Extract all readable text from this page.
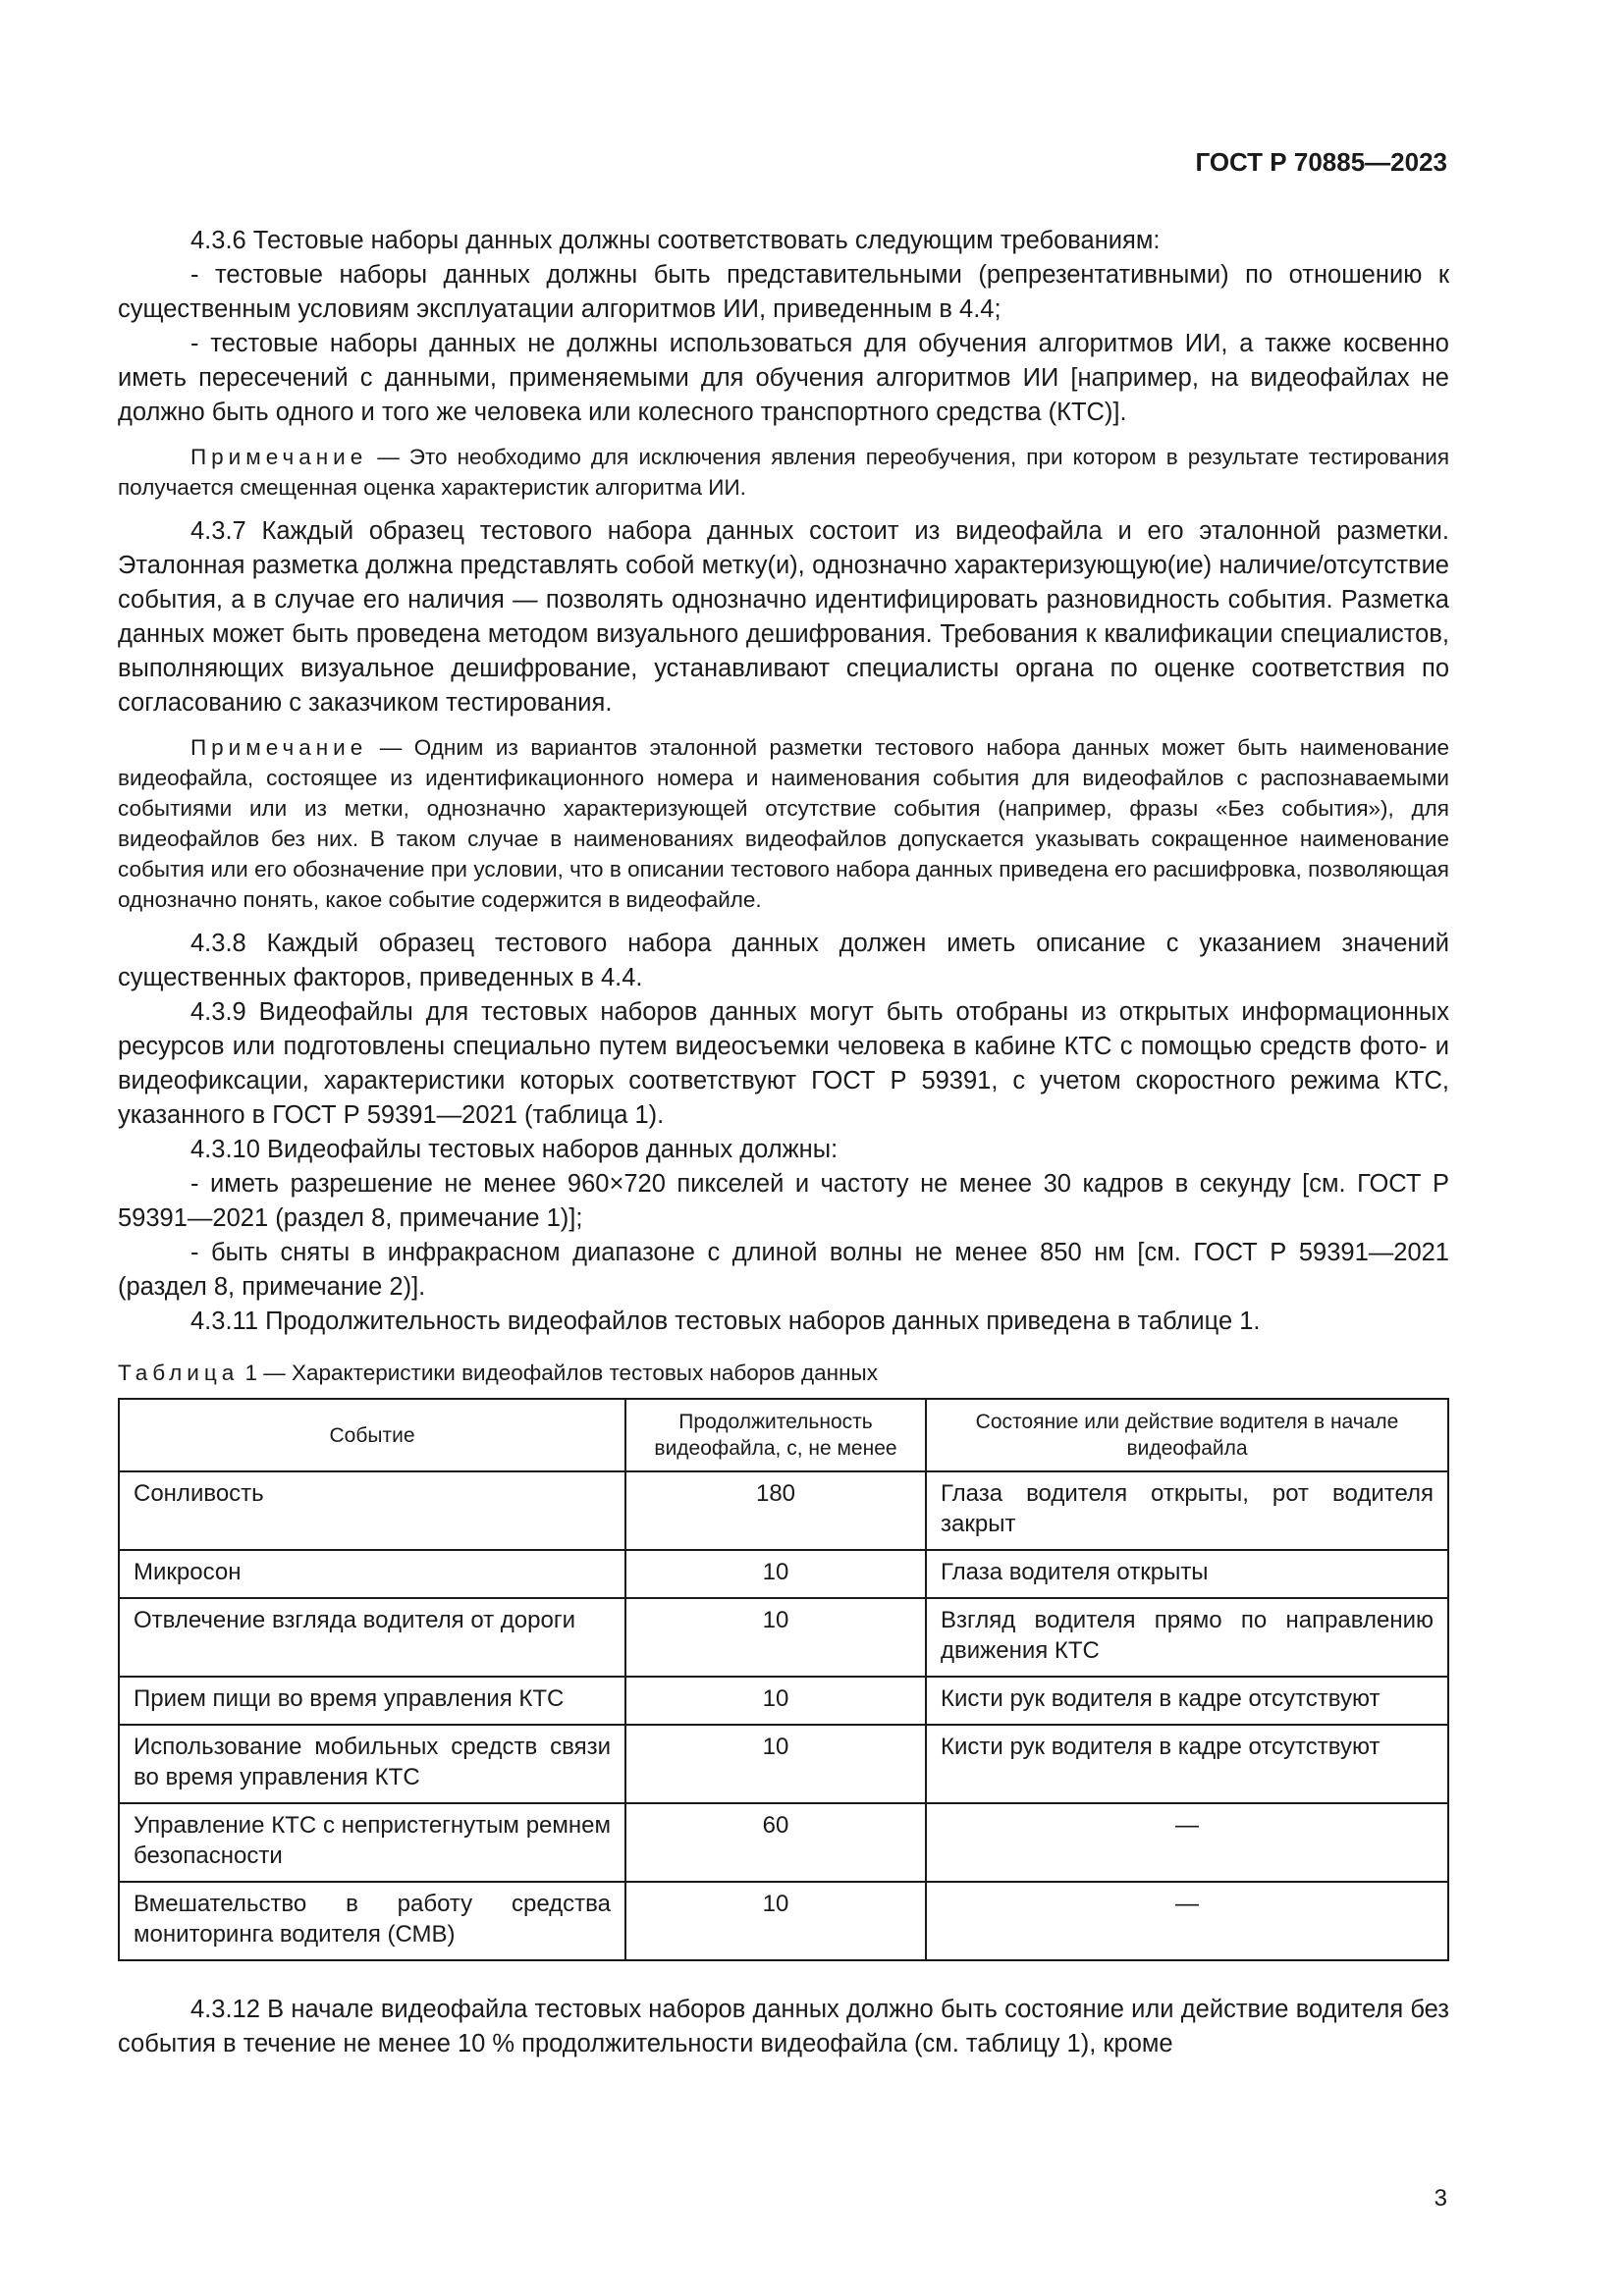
ГОСТ Р 70885—2023

4.3.6 Тестовые наборы данных должны соответствовать следующим требованиям:

- тестовые наборы данных должны быть представительными (репрезентативными) по отношению к существенным условиям эксплуатации алгоритмов ИИ, приведенным в 4.4;

- тестовые наборы данных не должны использоваться для обучения алгоритмов ИИ, а также косвенно иметь пересечений с данными, применяемыми для обучения алгоритмов ИИ [например, на видеофайлах не должно быть одного и того же человека или колесного транспортного средства (КТС)].

Примечание — Это необходимо для исключения явления переобучения, при котором в результате тестирования получается смещенная оценка характеристик алгоритма ИИ.

4.3.7 Каждый образец тестового набора данных состоит из видеофайла и его эталонной разметки. Эталонная разметка должна представлять собой метку(и), однозначно характеризующую(ие) наличие/отсутствие события, а в случае его наличия — позволять однозначно идентифицировать разновидность события. Разметка данных может быть проведена методом визуального дешифрования. Требования к квалификации специалистов, выполняющих визуальное дешифрование, устанавливают специалисты органа по оценке соответствия по согласованию с заказчиком тестирования.

Примечание — Одним из вариантов эталонной разметки тестового набора данных может быть наименование видеофайла, состоящее из идентификационного номера и наименования события для видеофайлов с распознаваемыми событиями или из метки, однозначно характеризующей отсутствие события (например, фразы «Без события»), для видеофайлов без них. В таком случае в наименованиях видеофайлов допускается указывать сокращенное наименование события или его обозначение при условии, что в описании тестового набора данных приведена его расшифровка, позволяющая однозначно понять, какое событие содержится в видеофайле.

4.3.8 Каждый образец тестового набора данных должен иметь описание с указанием значений существенных факторов, приведенных в 4.4.

4.3.9 Видеофайлы для тестовых наборов данных могут быть отобраны из открытых информационных ресурсов или подготовлены специально путем видеосъемки человека в кабине КТС с помощью средств фото- и видеофиксации, характеристики которых соответствуют ГОСТ Р 59391, с учетом скоростного режима КТС, указанного в ГОСТ Р 59391—2021 (таблица 1).

4.3.10 Видеофайлы тестовых наборов данных должны:

- иметь разрешение не менее 960×720 пикселей и частоту не менее 30 кадров в секунду [см. ГОСТ Р 59391—2021 (раздел 8, примечание 1)];

- быть сняты в инфракрасном диапазоне с длиной волны не менее 850 нм [см. ГОСТ Р 59391—2021 (раздел 8, примечание 2)].

4.3.11 Продолжительность видеофайлов тестовых наборов данных приведена в таблице 1.

Таблица 1 — Характеристики видеофайлов тестовых наборов данных

Событие	Продолжительность видеофайла, с, не менее	Состояние или действие водителя в начале видеофайла
Сонливость	180	Глаза водителя открыты, рот водителя закрыт
Микросон	10	Глаза водителя открыты
Отвлечение взгляда водителя от дороги	10	Взгляд водителя прямо по направлению движения КТС
Прием пищи во время управления КТС	10	Кисти рук водителя в кадре отсутствуют
Использование мобильных средств связи во время управления КТС	10	Кисти рук водителя в кадре отсутствуют
Управление КТС с непристегнутым ремнем безопасности	60	—
Вмешательство в работу средства мониторинга водителя (СМВ)	10	—

4.3.12 В начале видеофайла тестовых наборов данных должно быть состояние или действие водителя без события в течение не менее 10 % продолжительности видеофайла (см. таблицу 1), кроме

3
